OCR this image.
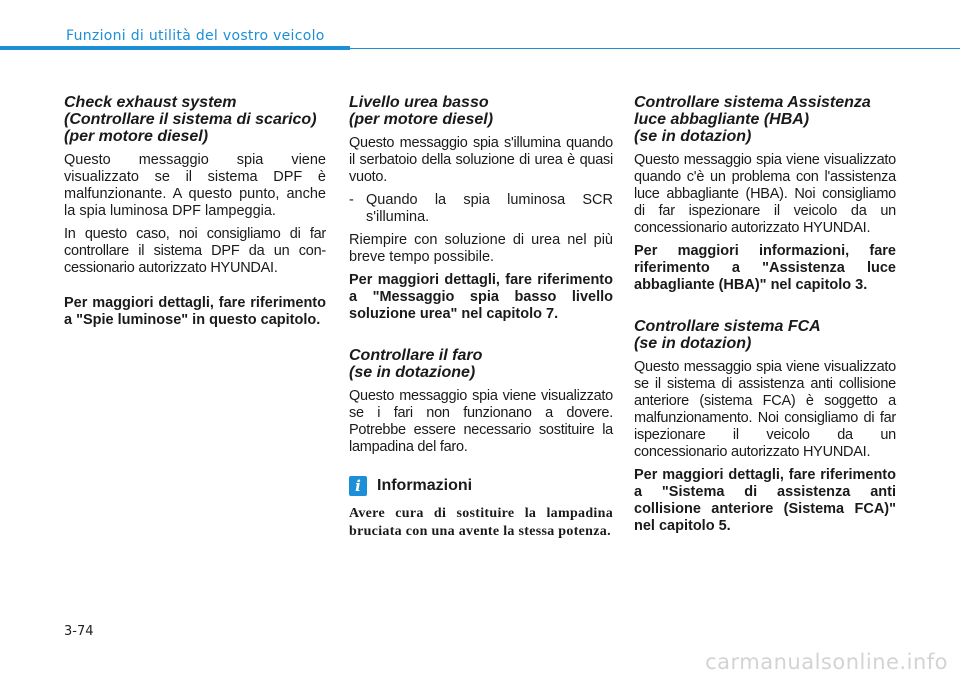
Funzioni di utilità del vostro veicolo
Check exhaust system
(Controllare il sistema di scarico)
(per motore diesel)

Questo messaggio spia viene visualizzato se il sistema DPF è malfunzionante. A questo punto, anche la spia luminosa DPF lampeggia.

In questo caso, noi consigliamo di far controllare il sistema DPF da un con-cessionario autorizzato HYUNDAI.

Per maggiori dettagli, fare riferimento a "Spie luminose" in questo capitolo.

Livello urea basso
(per motore diesel)

Questo messaggio spia s'illumina quando il serbatoio della soluzione di urea è quasi vuoto.

- Quando la spia luminosa SCR s'illumina.

Riempire con soluzione di urea nel più breve tempo possibile.

Per maggiori dettagli, fare riferimento a "Messaggio spia basso livello soluzione urea" nel capitolo 7.

Controllare il faro
(se in dotazione)

Questo messaggio spia viene visualizzato se i fari non funzionano a dovere. Potrebbe essere necessario sostituire la lampadina del faro.

i	Informazioni

Avere cura di sostituire la lampadina bruciata con una avente la stessa potenza.

Controllare sistema Assistenza
luce abbagliante (HBA)
(se in dotazion)

Questo messaggio spia viene visualizzato quando c'è un problema con l'assistenza luce abbagliante (HBA). Noi consigliamo di far ispezionare il veicolo da un concessionario autorizzato HYUNDAI.

Per maggiori informazioni, fare riferimento a "Assistenza luce abbagliante (HBA)" nel capitolo 3.

Controllare sistema FCA
(se in dotazion)

Questo messaggio spia viene visualizzato se il sistema di assistenza anti collisione anteriore (sistema FCA) è soggetto a malfunzionamento. Noi consigliamo di far ispezionare il veicolo da un concessionario autorizzato HYUNDAI.

Per maggiori dettagli, fare riferimento a "Sistema di assistenza anti collisione anteriore (Sistema FCA)" nel capitolo 5.

3-74
carmanualsonline.info
